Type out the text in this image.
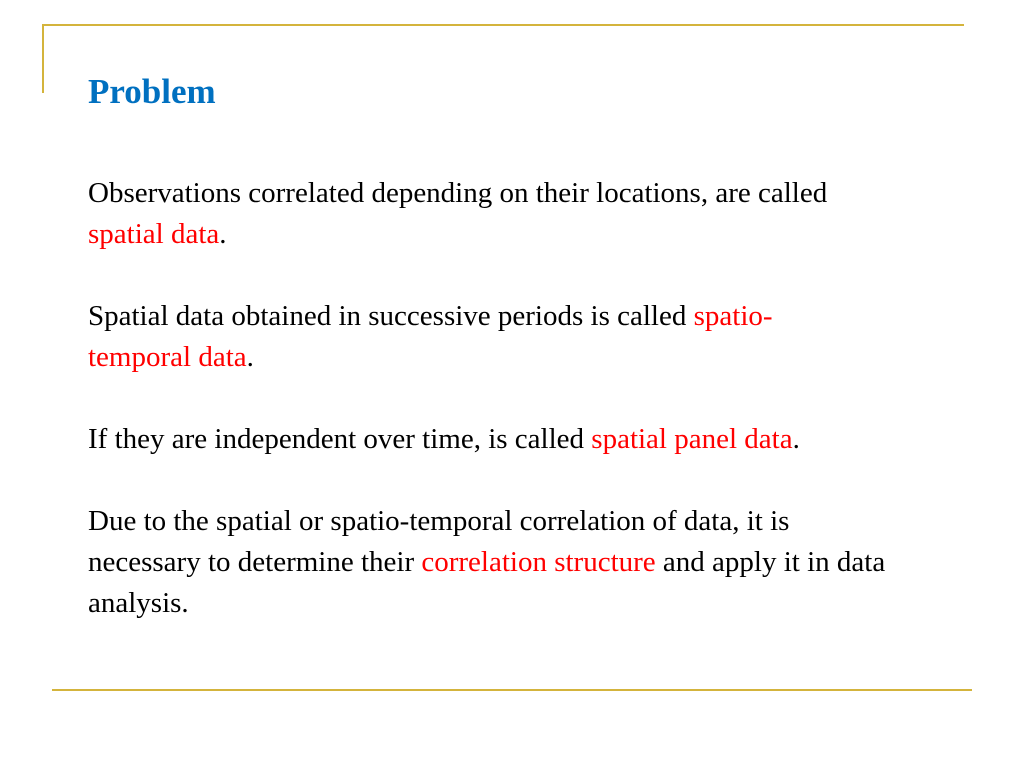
Problem

Observations correlated depending on their locations, are called
spatial data.

Spatial data obtained in successive periods is called spatio-
temporal data.

If they are independent over time, is called spatial panel data.

Due to the spatial or spatio-temporal correlation of data, it is
necessary to determine their correlation structure and apply it in data analysis.
